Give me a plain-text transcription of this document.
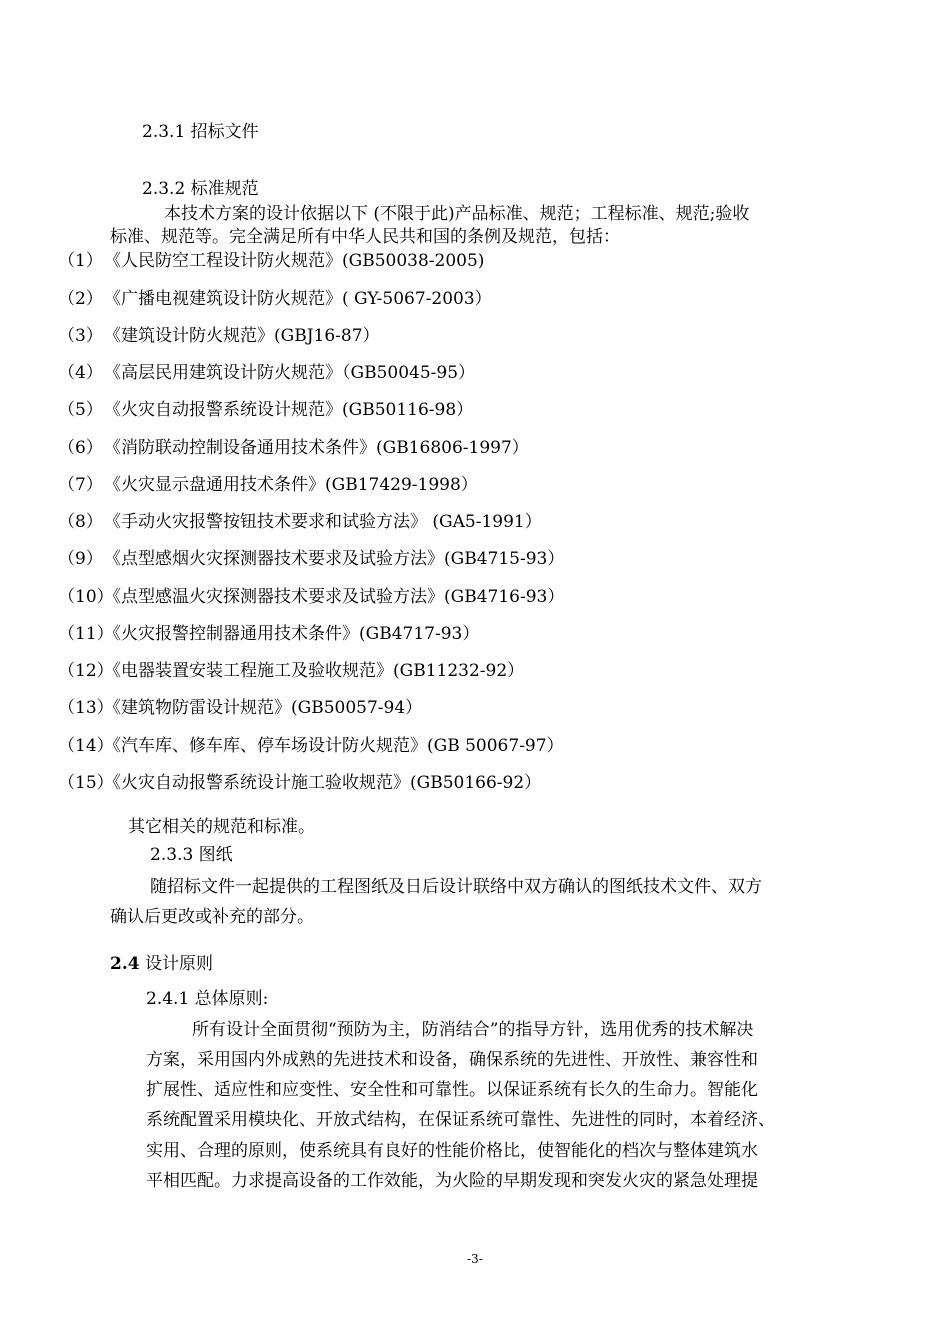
2.3.1 招标文件
2.3.2 标准规范
本技术方案的设计依据以下 (不限于此)产品标准、规范；工程标准、规范;验收
标准、规范等。完全满足所有中华人民共和国的条例及规范，包括：
（1） 《人民防空工程设计防火规范》(GB50038-2005)
（2） 《广播电视建筑设计防火规范》( GY-5067-2003）
（3） 《建筑设计防火规范》(GBJ16-87）
（4） 《高层民用建筑设计防火规范》（GB50045-95）
（5） 《火灾自动报警系统设计规范》(GB50116-98）
（6） 《消防联动控制设备通用技术条件》(GB16806-1997）
（7） 《火灾显示盘通用技术条件》(GB17429-1998）
（8） 《手动火灾报警按钮技术要求和试验方法》 (GA5-1991）
（9） 《点型感烟火灾探测器技术要求及试验方法》(GB4715-93）
（10）
《点型感温火灾探测器技术要求及试验方法》(GB4716-93）
（11）
《火灾报警控制器通用技术条件》(GB4717-93）
（12）
《电器装置安装工程施工及验收规范》(GB11232-92）
（13）
《建筑物防雷设计规范》(GB50057-94）
（14）
《汽车库、修车库、停车场设计防火规范》(GB 50067-97）
（15）
《火灾自动报警系统设计施工验收规范》(GB50166-92）
其它相关的规范和标准。
2.3.3 图纸
随招标文件一起提供的工程图纸及日后设计联络中双方确认的图纸技术文件、双方
确认后更改或补充的部分。
2.4 设计原则
2.4.1 总体原则:
所有设计全面贯彻“预防为主，防消结合”的指导方针，选用优秀的技术解决
方案，采用国内外成熟的先进技术和设备，确保系统的先进性、开放性、兼容性和
扩展性、适应性和应变性、安全性和可靠性。以保证系统有长久的生命力。智能化
系统配置采用模块化、开放式结构，在保证系统可靠性、先进性的同时，本着经济、
实用、合理的原则，使系统具有良好的性能价格比，使智能化的档次与整体建筑水
平相匹配。力求提高设备的工作效能，为火险的早期发现和突发火灾的紧急处理提
-3-
